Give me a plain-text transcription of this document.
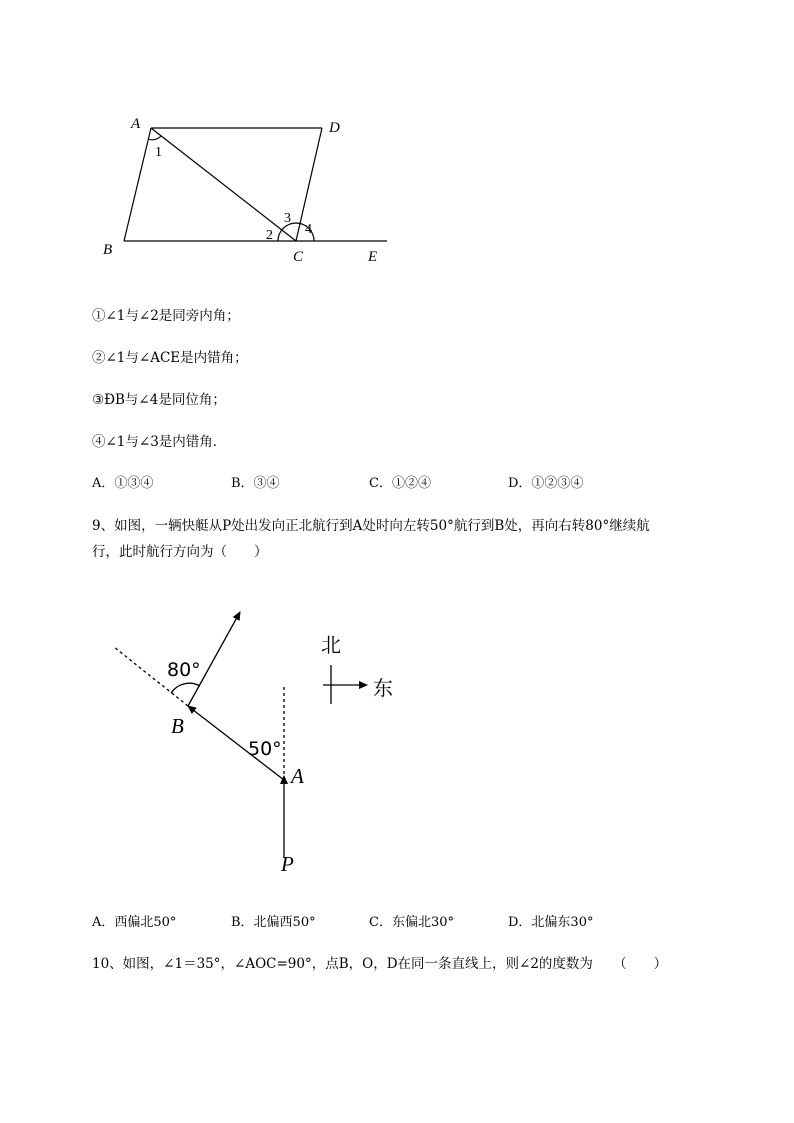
A	D
B	C	E
1
2
3
4
①∠1与∠2是同旁内角；
②∠1与∠ACE是内错角；
③ÐB与∠4是同位角；
④∠1与∠3是内错角．
A．①③④	B．③④	C．①②④	D．①②③④
9、如图，一辆快艇从P处出发向正北航行到A处时向左转50°航行到B处，再向右转80°继续航
行，此时航行方向为（　　）
80°
50°
B
A
P
北
东
A．西偏北50°	B．北偏西50°	C．东偏北30°	D．北偏东30°
10、如图，∠1＝35°，∠AOC=90°，点B，O，D在同一条直线上，则∠2的度数为　　（　　）
